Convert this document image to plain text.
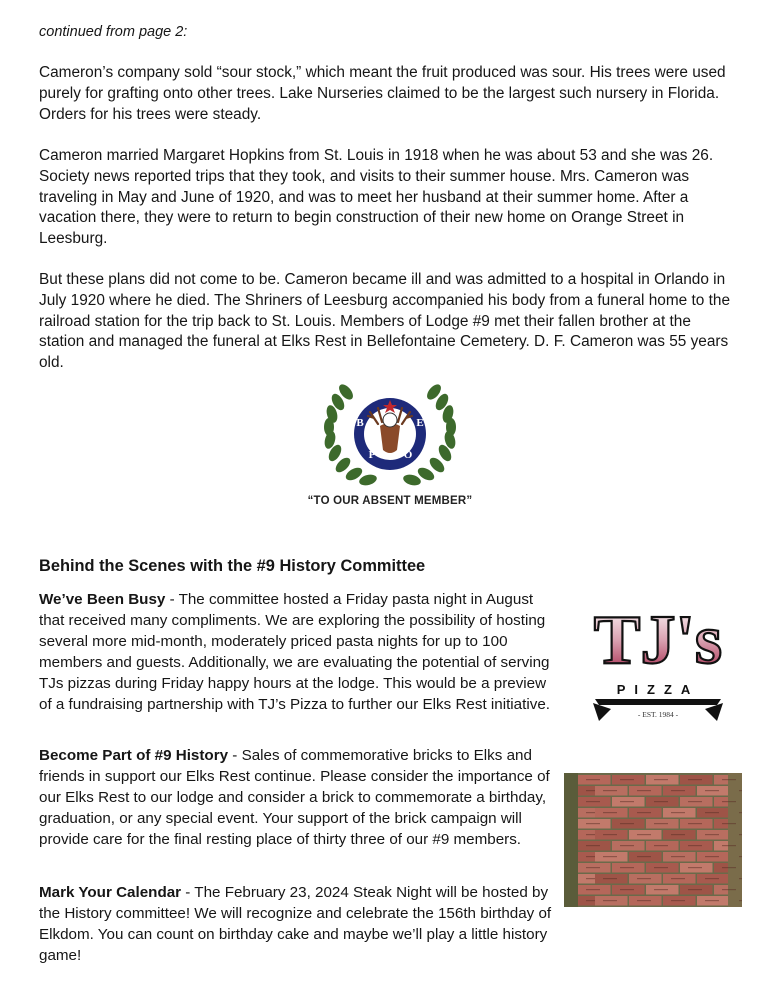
continued from page 2:

Cameron’s company sold “sour stock,” which meant the fruit produced was sour. His trees were used purely for grafting onto other trees. Lake Nurseries claimed to be the largest such nursery in Florida. Orders for his trees were steady.

Cameron married Margaret Hopkins from St. Louis in 1918 when he was about 53 and she was 26. Society news reported trips that they took, and visits to their summer house. Mrs. Cameron was traveling in May and June of 1920, and was to meet her husband at their summer home. After a vacation there, they were to return to begin construction of their new home on Orange Street in Leesburg.

But these plans did not come to be. Cameron became ill and was admitted to a hospital in Orlando in July 1920 where he died. The Shriners of Leesburg accompanied his body from a funeral home to the railroad station for the trip back to St. Louis. Members of Lodge #9 met their fallen brother at the station and managed the funeral at Elks Rest in Bellefontaine Cemetery. D. F. Cameron was 55 years old.

B
P	O
E

“TO OUR ABSENT MEMBER”

Behind the Scenes with the #9 History Committee

We’ve Been Busy - The committee hosted a Friday pasta night in August that received many compliments. We are exploring the possibility of hosting several more mid-month, moderately priced pasta nights for up to 100 members and guests. Additionally, we are evaluating the potential of serving TJs pizzas during Friday happy hours at the lodge. This would be a preview of a fundraising partnership with TJ’s Pizza to further our Elks Rest initiative.

Become Part of #9 History - Sales of commemorative bricks to Elks and friends in support our Elks Rest continue. Please consider the importance of our Elks Rest to our lodge and consider a brick to commemorate a birthday, graduation, or any special event. Your support of the brick campaign will provide care for the final resting place of thirty three of our #9 members.

Mark Your Calendar - The February 23, 2024 Steak Night will be hosted by the History committee! We will recognize and celebrate the 156th birthday of Elkdom. You can count on birthday cake and maybe we’ll play a little history game!

TJ's
PIZZA
- EST. 1984 -
